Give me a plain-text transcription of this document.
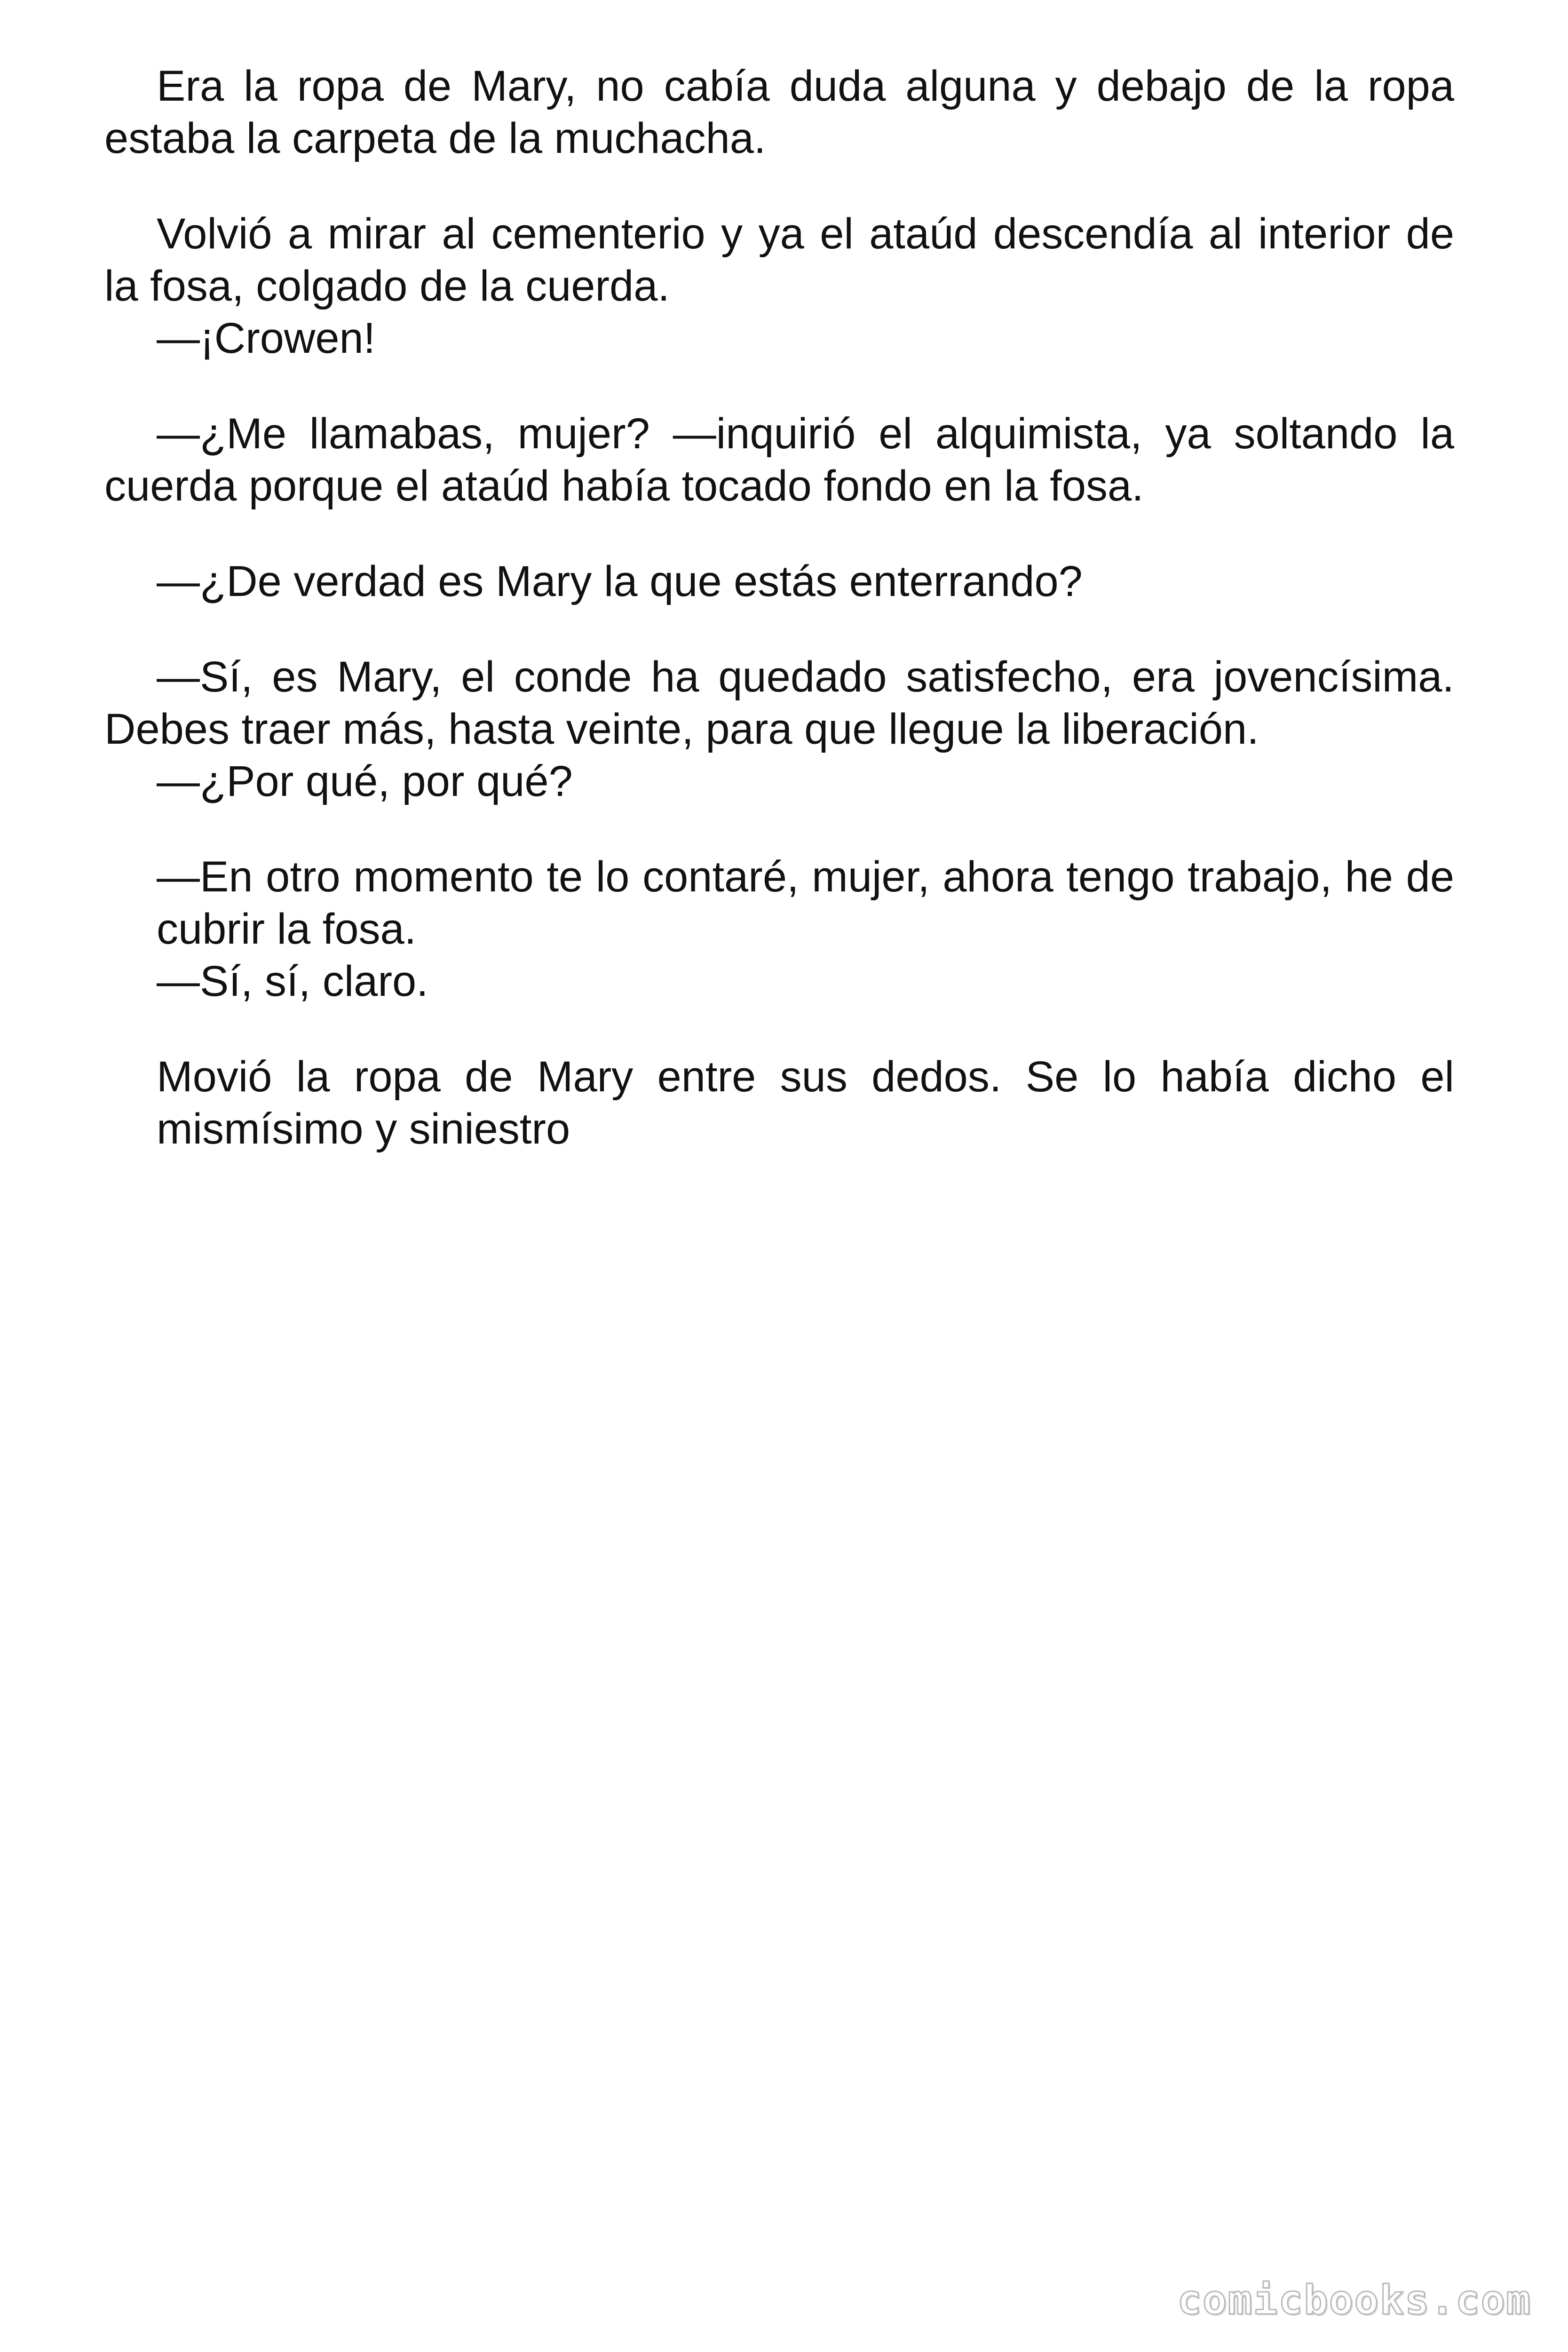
Era la ropa de Mary, no cabía duda alguna y debajo de la ropa estaba la carpeta de la muchacha.

Volvió a mirar al cementerio y ya el ataúd descendía al interior de la fosa, colgado de la cuerda.

—¡Crowen!

—¿Me llamabas, mujer? —inquirió el alquimista, ya soltando la cuerda porque el ataúd había tocado fondo en la fosa.

—¿De verdad es Mary la que estás enterrando?

—Sí, es Mary, el conde ha quedado satisfecho, era jovencísima. Debes traer más, hasta veinte, para que llegue la liberación.

—¿Por qué, por qué?

—En otro momento te lo contaré, mujer, ahora tengo trabajo, he de cubrir la fosa.

—Sí, sí, claro.

Movió la ropa de Mary entre sus dedos. Se lo había dicho el mismísimo y siniestro

comicbooks.com
